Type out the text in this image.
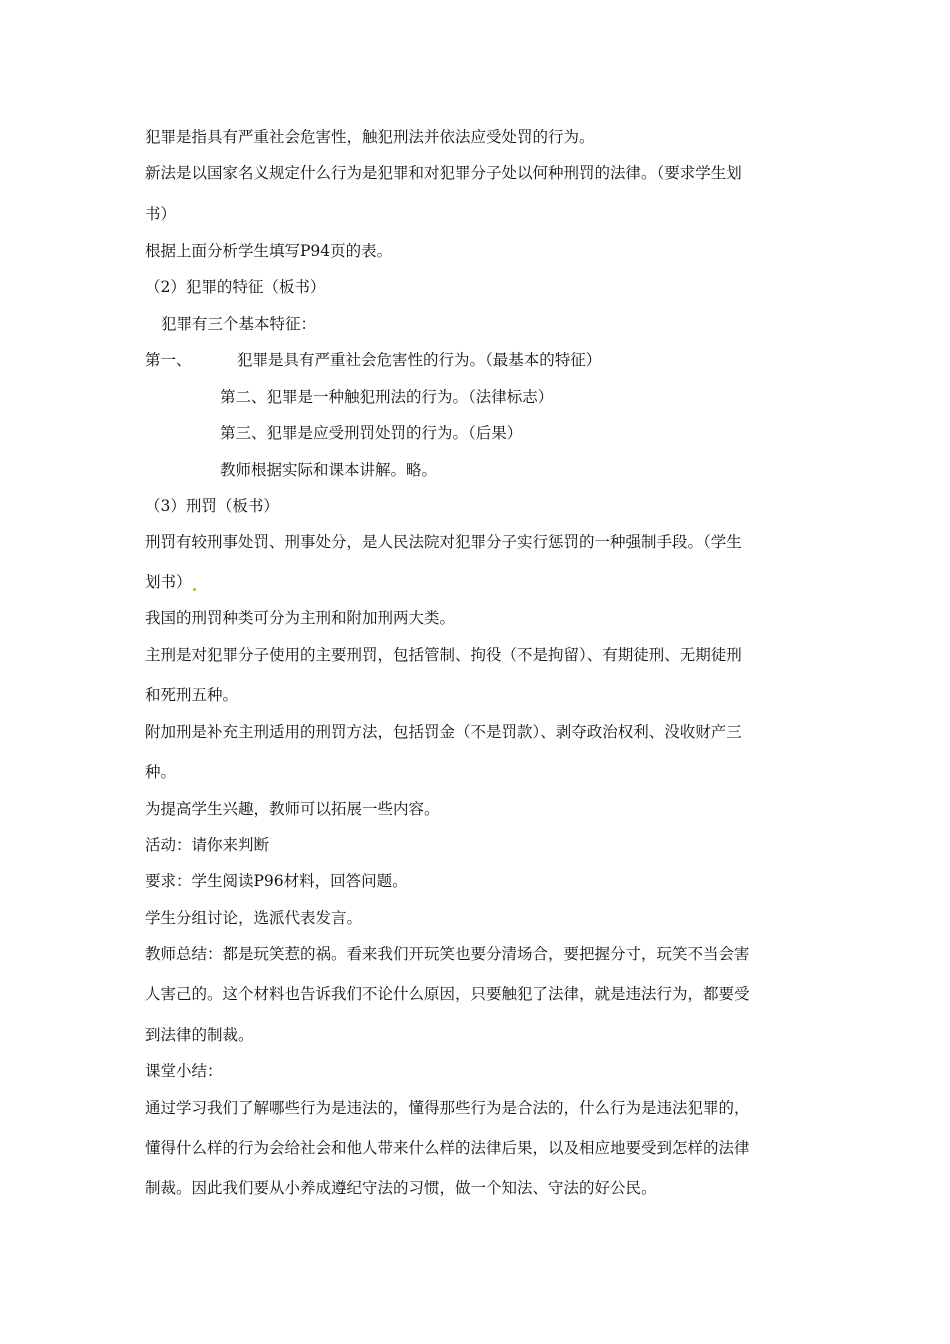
犯罪是指具有严重社会危害性，触犯刑法并依法应受处罚的行为。
新法是以国家名义规定什么行为是犯罪和对犯罪分子处以何种刑罚的法律。（要求学生划
书）
根据上面分析学生填写P94页的表。
（2）犯罪的特征（板书）
犯罪有三个基本特征：
第一、	犯罪是具有严重社会危害性的行为。（最基本的特征）
第二、犯罪是一种触犯刑法的行为。（法律标志）
第三、犯罪是应受刑罚处罚的行为。（后果）
教师根据实际和课本讲解。略。
（3）刑罚（板书）
刑罚有较刑事处罚、刑事处分，是人民法院对犯罪分子实行惩罚的一种强制手段。（学生
划书）
我国的刑罚种类可分为主刑和附加刑两大类。
主刑是对犯罪分子使用的主要刑罚，包括管制、拘役（不是拘留）、有期徒刑、无期徒刑
和死刑五种。
附加刑是补充主刑适用的刑罚方法，包括罚金（不是罚款）、剥夺政治权利、没收财产三
种。
为提高学生兴趣，教师可以拓展一些内容。
活动：请你来判断
要求：学生阅读P96材料，回答问题。
学生分组讨论，选派代表发言。
教师总结：都是玩笑惹的祸。看来我们开玩笑也要分清场合，要把握分寸，玩笑不当会害
人害己的。这个材料也告诉我们不论什么原因，只要触犯了法律，就是违法行为，都要受
到法律的制裁。
课堂小结：
通过学习我们了解哪些行为是违法的，懂得那些行为是合法的，什么行为是违法犯罪的，
懂得什么样的行为会给社会和他人带来什么样的法律后果，以及相应地要受到怎样的法律
制裁。因此我们要从小养成遵纪守法的习惯，做一个知法、守法的好公民。
